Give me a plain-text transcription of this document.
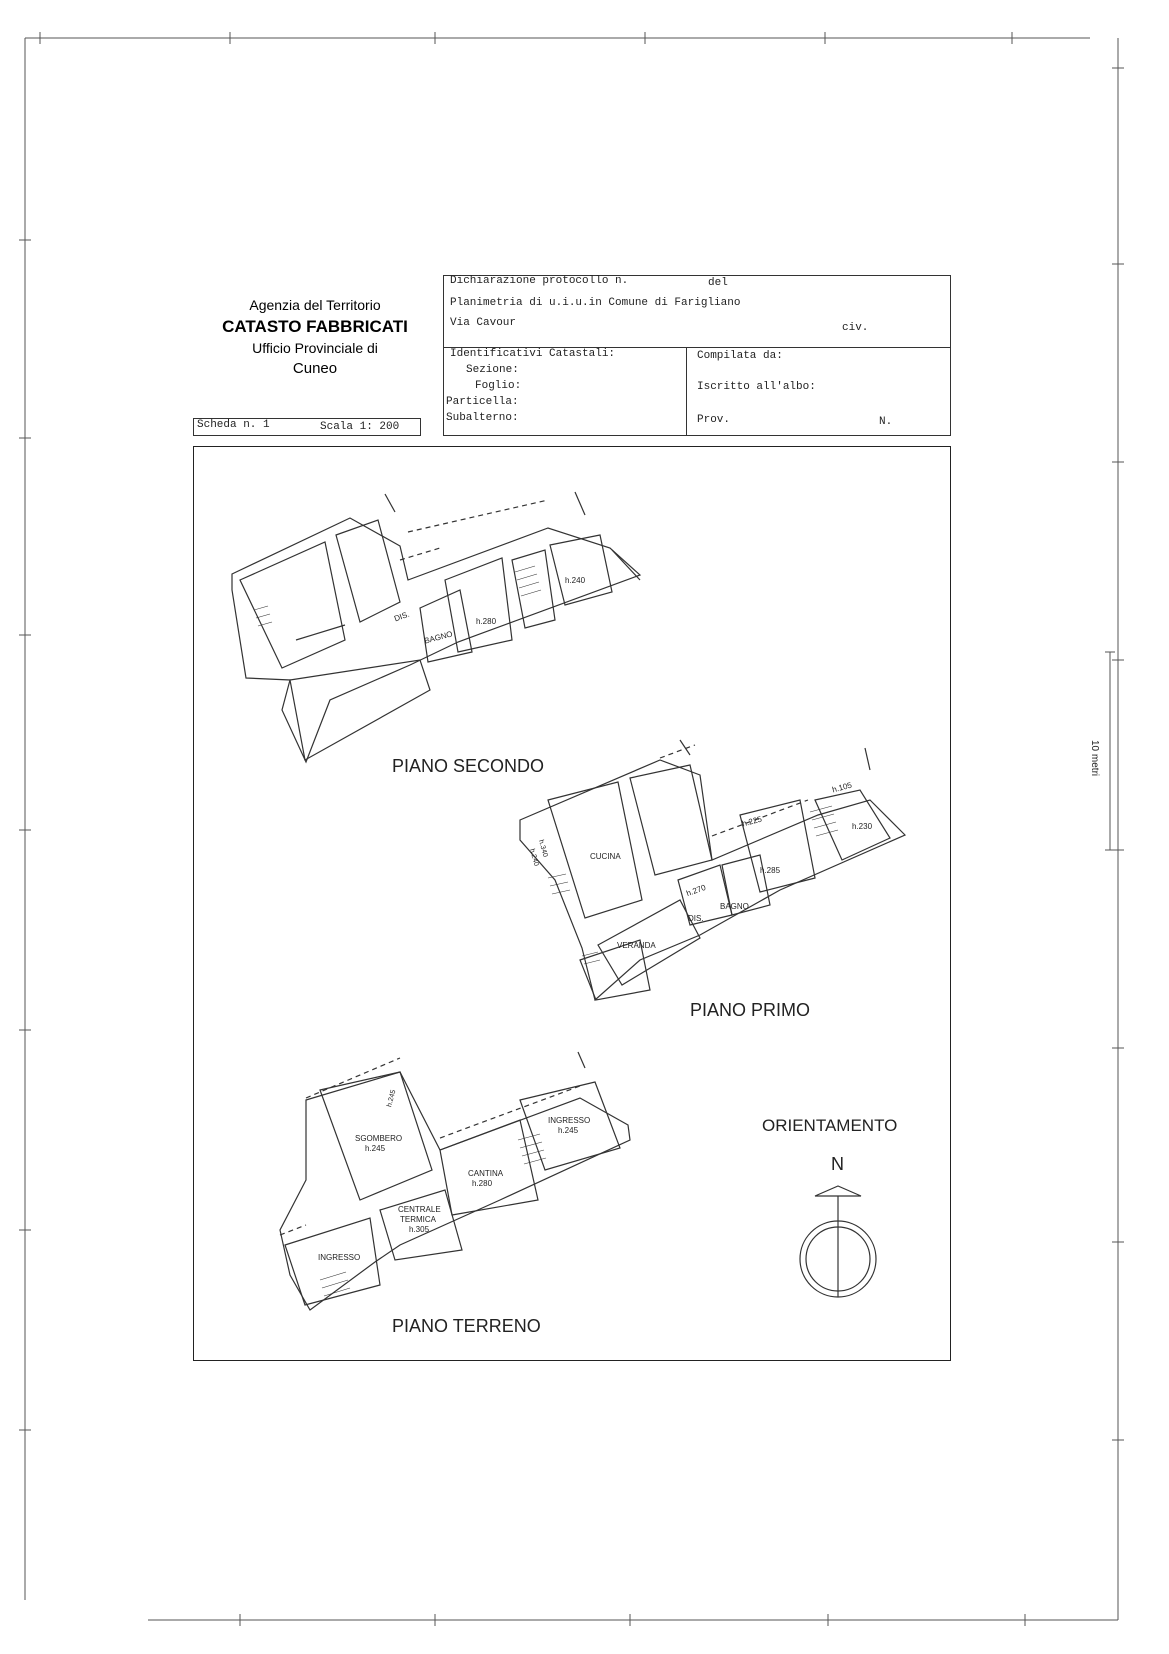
10 metri
Agenzia del Territorio
CATASTO FABBRICATI
Ufficio Provinciale di
Cuneo
Dichiarazione protocollo n.	del
Planimetria di u.i.u.in Comune di Farigliano
Via Cavour	civ.
Identificativi Catastali:
Sezione:
Foglio:
Particella:
Subalterno:
Compilata da:
Iscritto all'albo:
Prov.	N.
Scheda n. 1	Scala 1: 200
DIS.
BAGNO
h.280
h.240
PIANO SECONDO
CUCINA
VERANDA
DIS.
BAGNO
h.270
h.225
h.285
h.105
h.230
h.340
h.240
PIANO PRIMO
SGOMBERO
h.245
h.245
CANTINA
h.280
INGRESSO
h.245
CENTRALE
TERMICA
h.305
INGRESSO
PIANO TERRENO
ORIENTAMENTO
N
